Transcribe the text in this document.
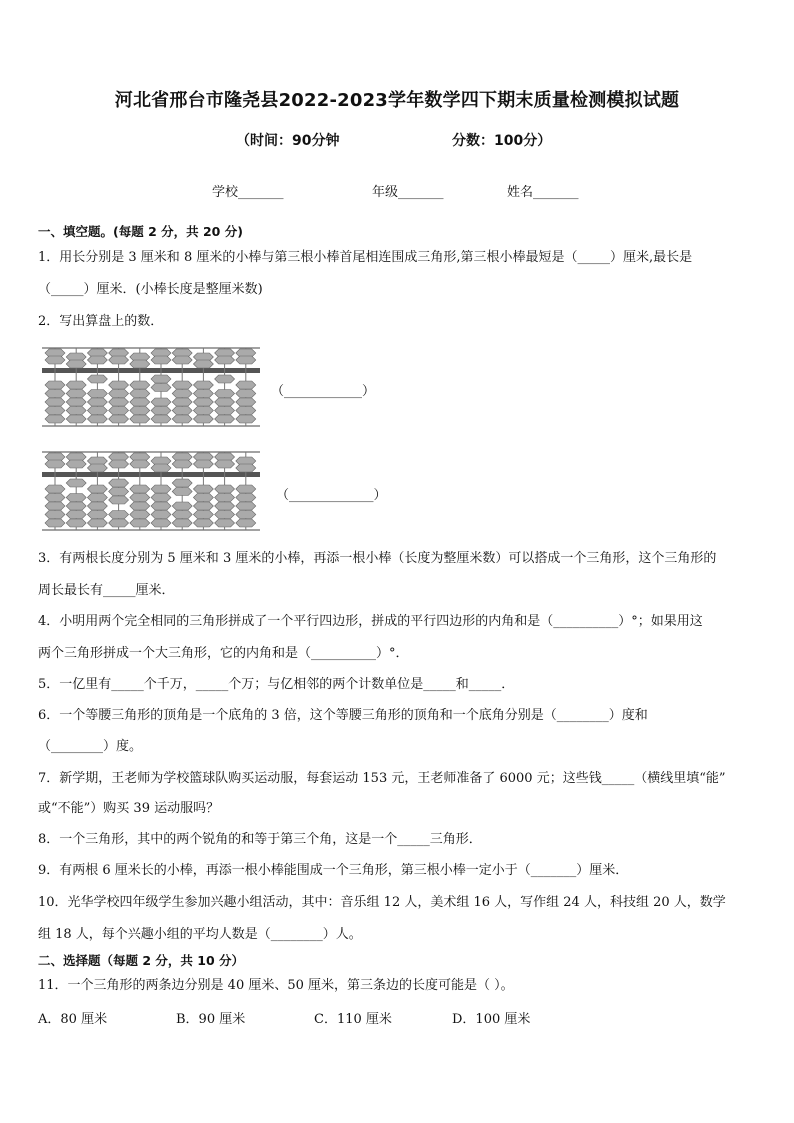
河北省邢台市隆尧县2022-2023学年数学四下期末质量检测模拟试题
（时间：90分钟	分数：100分）
学校_______	年级_______	姓名_______
一、填空题。(每题 2 分，共 20 分)
1．用长分别是 3 厘米和 8 厘米的小棒与第三根小棒首尾相连围成三角形,第三根小棒最短是（_____）厘米,最长是
（_____）厘米．(小棒长度是整厘米数)
2．写出算盘上的数．
（____________）
（_____________）
3．有两根长度分别为 5 厘米和 3 厘米的小棒，再添一根小棒（长度为整厘米数）可以搭成一个三角形，这个三角形的
周长最长有_____厘米．
4．小明用两个完全相同的三角形拼成了一个平行四边形，拼成的平行四边形的内角和是（__________）°；如果用这
两个三角形拼成一个大三角形，它的内角和是（__________）°．
5．一亿里有_____个千万，_____个万；与亿相邻的两个计数单位是_____和_____．
6．一个等腰三角形的顶角是一个底角的 3 倍，这个等腰三角形的顶角和一个底角分别是（________）度和
（________）度。
7．新学期，王老师为学校篮球队购买运动服，每套运动 153 元，王老师准备了 6000 元；这些钱_____（横线里填“能”
或“不能”）购买 39 运动服吗？
8．一个三角形，其中的两个锐角的和等于第三个角，这是一个_____三角形．
9．有两根 6 厘米长的小棒，再添一根小棒能围成一个三角形，第三根小棒一定小于（_______）厘米．
10．光华学校四年级学生参加兴趣小组活动，其中：音乐组 12 人，美术组 16 人，写作组 24 人，科技组 20 人，数学
组 18 人，每个兴趣小组的平均人数是（________）人。
二、选择题（每题 2 分，共 10 分）
11．一个三角形的两条边分别是 40 厘米、50 厘米，第三条边的长度可能是（ ）。
A．80 厘米	B．90 厘米	C．110 厘米	D．100 厘米
